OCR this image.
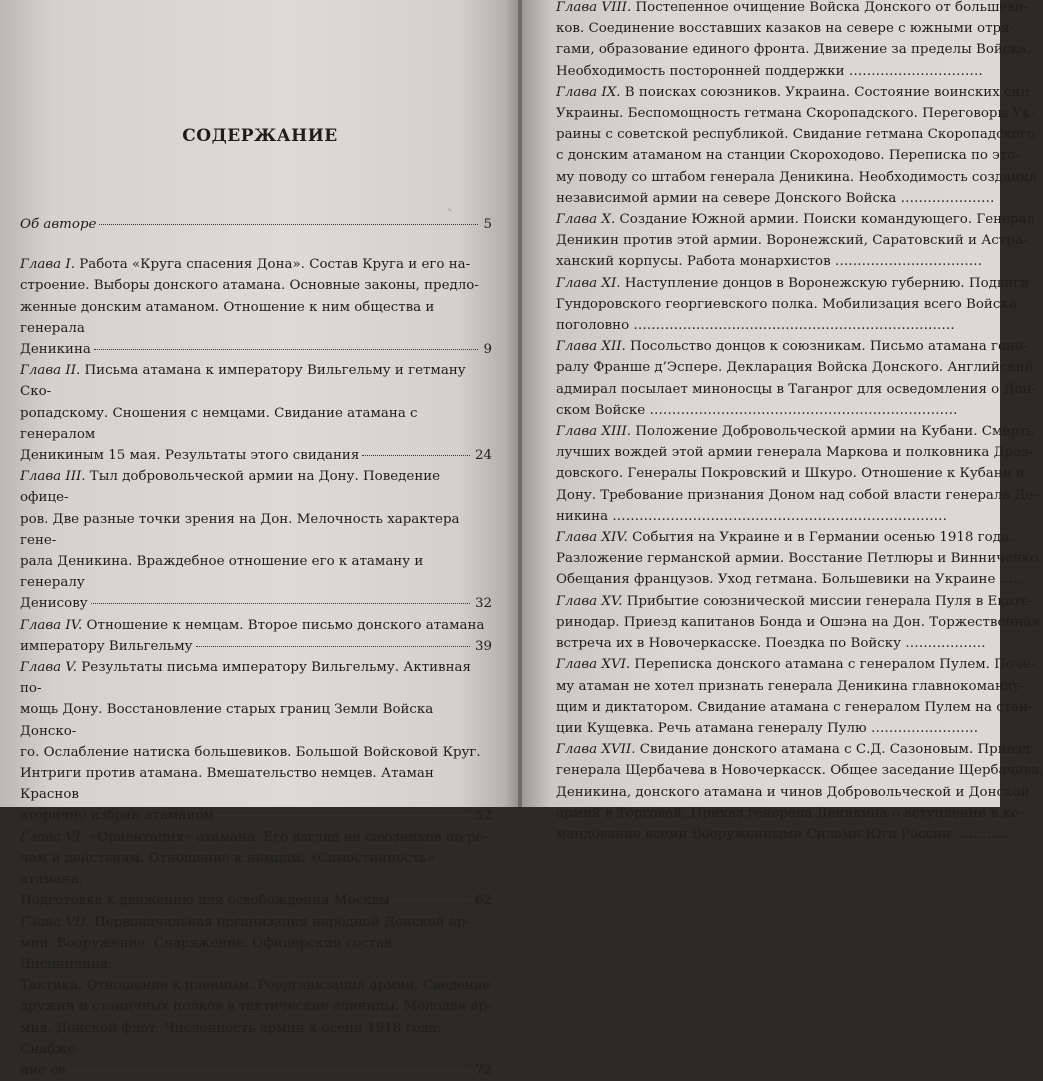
СОДЕРЖАНИЕ
⌞
Об авторе	5
Глава I. Работа «Круга спасения Дона». Состав Круга и его на-
строение. Выборы донского атамана. Основные законы, предло-
женные донским атаманом. Отношение к ним общества и генерала
Деникина	9
Глава II. Письма атамана к императору Вильгельму и гетману Ско-
ропадскому. Сношения с немцами. Свидание атамана с генералом
Деникиным 15 мая. Результаты этого свидания	24
Глава III. Тыл добровольческой армии на Дону. Поведение офице-
ров. Две разные точки зрения на Дон. Мелочность характера гене-
рала Деникина. Враждебное отношение его к атаману и генералу
Денисову	32
Глава IV. Отношение к немцам. Второе письмо донского атамана
императору Вильгельму	39
Глава V. Результаты письма императору Вильгельму. Активная по-
мощь Дону. Восстановление старых границ Земли Войска Донско-
го. Ослабление натиска большевиков. Большой Войсковой Круг.
Интриги против атамана. Вмешательство немцев. Атаман Краснов
вторично избран атаманом	52
Глава VI. «Ориентация» атамана. Его взгляд на союзников по ре-
чам и действиям. Отношение к немцам. «Самостийность» атамана.
Подготовка к движению для освобождения Москвы	62
Глава VII. Первоначальная организация народной Донской ар-
мии. Вооружение. Снаряжение. Офицерский состав. Дисциплина.
Тактика. Отношение к пленным. Реорганизация армии. Сведение
дружин и станичных полков в тактические единицы. Молодая ар-
мия. Донской флот. Численность армии к осени 1918 года. Снабже-
ние ее	72
Глава VIII. Постепенное очищение Войска Донского от большеви-
ков. Соединение восставших казаков на севере с южными отря-
гами, образование единого фронта. Движение за пределы Войска.
Необходимость посторонней поддержки …………………………
Глава IX. В поисках союзников. Украина. Состояние воинских сил
Украины. Беспомощность гетмана Скоропадского. Переговоры Ук-
раины с советской республикой. Свидание гетмана Скоропадского
с донским атаманом на станции Скороходово. Переписка по это-
му поводу со штабом генерала Деникина. Необходимость создания
независимой армии на севере Донского Войска …………………
Глава X. Создание Южной армии. Поиски командующего. Генерал
Деникин против этой армии. Воронежский, Саратовский и Астра-
ханский корпусы. Работа монархистов ……………………………
Глава XI. Наступление донцов в Воронежскую губернию. Подвиги
Гундоровского георгиевского полка. Мобилизация всего Войска
поголовно ………………………………………………………………
Глава XII. Посольство донцов к союзникам. Письмо атамана гене-
ралу Франше д’Эспере. Декларация Войска Донского. Английский
адмирал посылает миноносцы в Таганрог для осведомления о Дон-
ском Войске ……………………………………………………………
Глава XIII. Положение Добровольческой армии на Кубани. Смерть
лучших вождей этой армии генерала Маркова и полковника Дроз-
довского. Генералы Покровский и Шкуро. Отношение к Кубани и
Дону. Требование признания Доном над собой власти генерала Де-
никина …………………………………………………………………
Глава XIV. События на Украине и в Германии осенью 1918 года.
Разложение германской армии. Восстание Петлюры и Винниченко.
Обещания французов. Уход гетмана. Большевики на Украине ……
Глава XV. Прибытие союзнической миссии генерала Пуля в Екате-
ринодар. Приезд капитанов Бонда и Ошэна на Дон. Торжественная
встреча их в Новочеркасске. Поездка по Войску ………………
Глава XVI. Переписка донского атамана с генералом Пулем. Поче-
му атаман не хотел признать генерала Деникина главнокоманду-
щим и диктатором. Свидание атамана с генералом Пулем на стан-
ции Кущевка. Речь атамана генералу Пулю ……………………
Глава XVII. Свидание донского атамана с С.Д. Сазоновым. Приезд
генерала Щербачева в Новочеркасск. Общее заседание Щербачева,
Деникина, донского атамана и чинов Добровольческой и Донской
армий в Торговой. Приказ генерала Деникина о вступлении в ко-
мандование всеми Вооруженными Силами Юга России …………
